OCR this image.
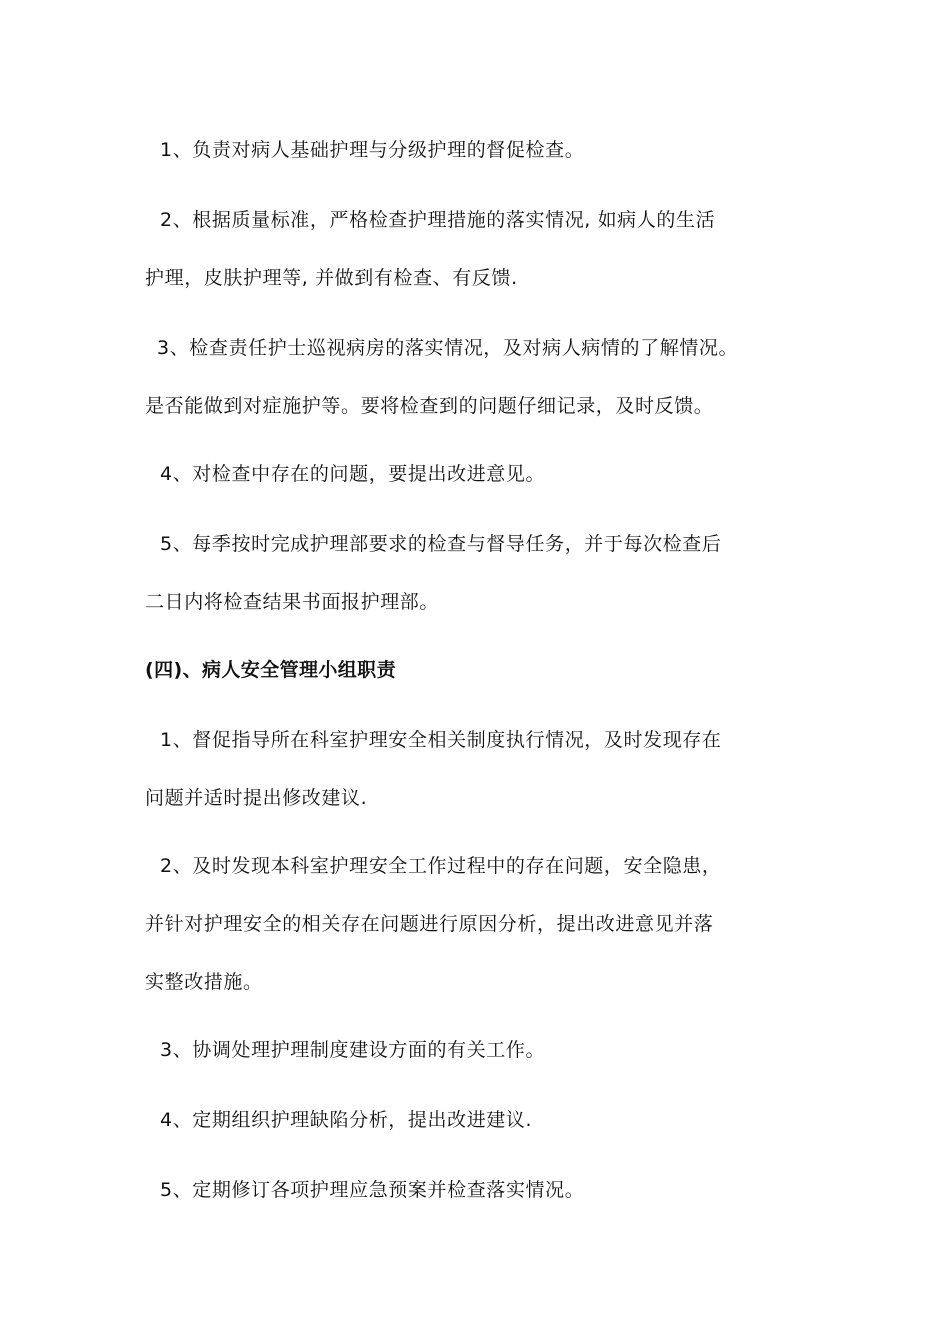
1、负责对病人基础护理与分级护理的督促检查。
2、根据质量标准，严格检查护理措施的落实情况, 如病人的生活
护理，皮肤护理等, 并做到有检查、有反馈.
3、检查责任护士巡视病房的落实情况，及对病人病情的了解情况。
是否能做到对症施护等。要将检查到的问题仔细记录，及时反馈。
4、对检查中存在的问题，要提出改进意见。
5、每季按时完成护理部要求的检查与督导任务，并于每次检查后
二日内将检查结果书面报护理部。
(四)、病人安全管理小组职责
1、督促指导所在科室护理安全相关制度执行情况，及时发现存在
问题并适时提出修改建议.
2、及时发现本科室护理安全工作过程中的存在问题，安全隐患，
并针对护理安全的相关存在问题进行原因分析，提出改进意见并落
实整改措施。
3、协调处理护理制度建设方面的有关工作。
4、定期组织护理缺陷分析，提出改进建议.
5、定期修订各项护理应急预案并检查落实情况。
